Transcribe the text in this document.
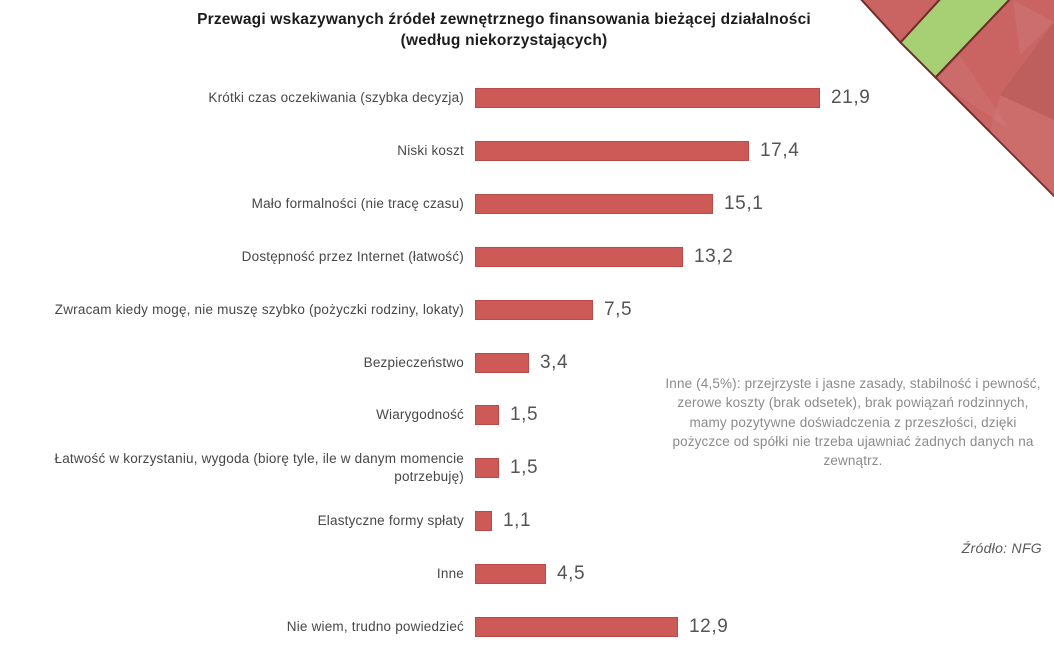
Przewagi wskazywanych źródeł zewnętrznego finansowania bieżącej działalności
(według niekorzystających)
Krótki czas oczekiwania (szybka decyzja)	21,9
Niski koszt	17,4
Mało formalności (nie tracę czasu)	15,1
Dostępność przez Internet (łatwość)	13,2
Zwracam kiedy mogę, nie muszę szybko (pożyczki rodziny, lokaty)	7,5
Bezpieczeństwo	3,4
Wiarygodność 1,5
Łatwość w korzystaniu, wygoda (biorę tyle, ile w danym momencie potrzebuję) 1,5
Elastyczne formy spłaty 1,1
Inne	4,5
Nie wiem, trudno powiedzieć	12,9
Inne (4,5%): przejrzyste i jasne zasady, stabilność i pewność, zerowe koszty (brak odsetek), brak powiązań rodzinnych, mamy pozytywne doświadczenia z przeszłości, dzięki pożyczce od spółki nie trzeba ujawniać żadnych danych na zewnątrz.
Źródło: NFG
